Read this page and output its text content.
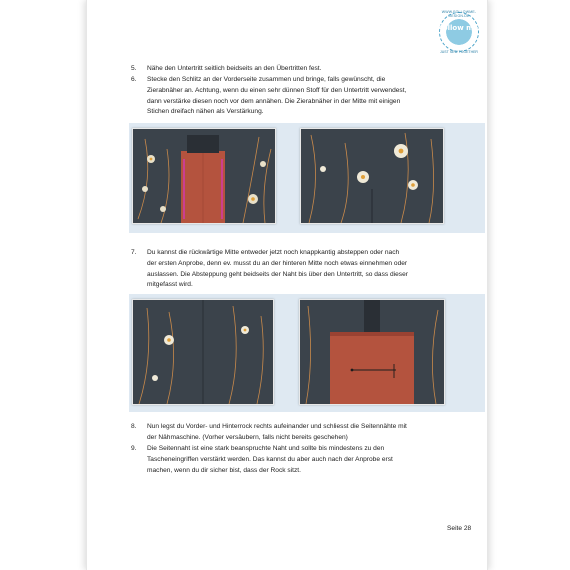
WWW.FOLLOWME-DESIGN.DE
follow me
JUST SEW TOGETHER
5.	Nähe den Untertritt seitlich beidseits an den Übertritten fest.
6.	Stecke den Schlitz an der Vorderseite zusammen und bringe, falls gewünscht, die Zierabnäher an. Achtung, wenn du einen sehr dünnen Stoff für den Untertritt verwendest, dann verstärke diesen noch vor dem annähen. Die Zierabnäher in der Mitte mit einigen Stichen dreifach nähen als Verstärkung.
7.	Du kannst die rückwärtige Mitte entweder jetzt noch knappkantig absteppen oder nach der ersten Anprobe, denn ev. musst du an der hinteren Mitte noch etwas einnehmen oder auslassen. Die Absteppung geht beidseits der Naht bis über den Untertritt, so dass dieser mitgefasst wird.
8.	Nun legst du Vorder- und Hinterrock rechts aufeinander und schliesst die Seitennähte mit der Nähmaschine. (Vorher versäubern, falls nicht bereits geschehen)
9.	Die Seitennaht ist eine stark beanspruchte Naht und sollte bis mindestens zu den Tascheneingriffen verstärkt werden. Das kannst du aber auch nach der Anprobe erst machen, wenn du dir sicher bist, dass der Rock sitzt.
Seite 28
